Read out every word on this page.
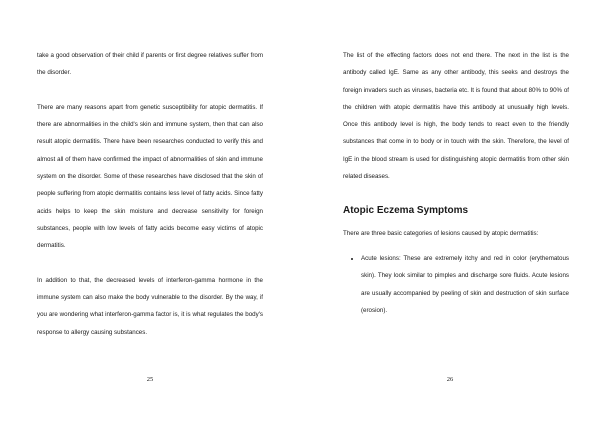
take a good observation of their child if parents or first degree relatives suffer from the disorder.

There are many reasons apart from genetic susceptibility for atopic dermatitis. If there are abnormalities in the child's skin and immune system, then that can also result atopic dermatitis. There have been researches conducted to verify this and almost all of them have confirmed the impact of abnormalities of skin and immune system on the disorder. Some of these researches have disclosed that the skin of people suffering from atopic dermatitis contains less level of fatty acids. Since fatty acids helps to keep the skin moisture and decrease sensitivity for foreign substances, people with low levels of fatty acids become easy victims of atopic dermatitis.

In addition to that, the decreased levels of interferon-gamma hormone in the immune system can also make the body vulnerable to the disorder. By the way, if you are wondering what interferon-gamma factor is, it is what regulates the body's response to allergy causing substances.

25

The list of the effecting factors does not end there. The next in the list is the antibody called IgE. Same as any other antibody, this seeks and destroys the foreign invaders such as viruses, bacteria etc. It is found that about 80% to 90% of the children with atopic dermatitis have this antibody at unusually high levels. Once this antibody level is high, the body tends to react even to the friendly substances that come in to body or in touch with the skin. Therefore, the level of IgE in the blood stream is used for distinguishing atopic dermatitis from other skin related diseases.

Atopic Eczema Symptoms

There are three basic categories of lesions caused by atopic dermatitis:

• Acute lesions: These are extremely itchy and red in color (erythematous skin). They look similar to pimples and discharge sore fluids. Acute lesions are usually accompanied by peeling of skin and destruction of skin surface (erosion).
26
